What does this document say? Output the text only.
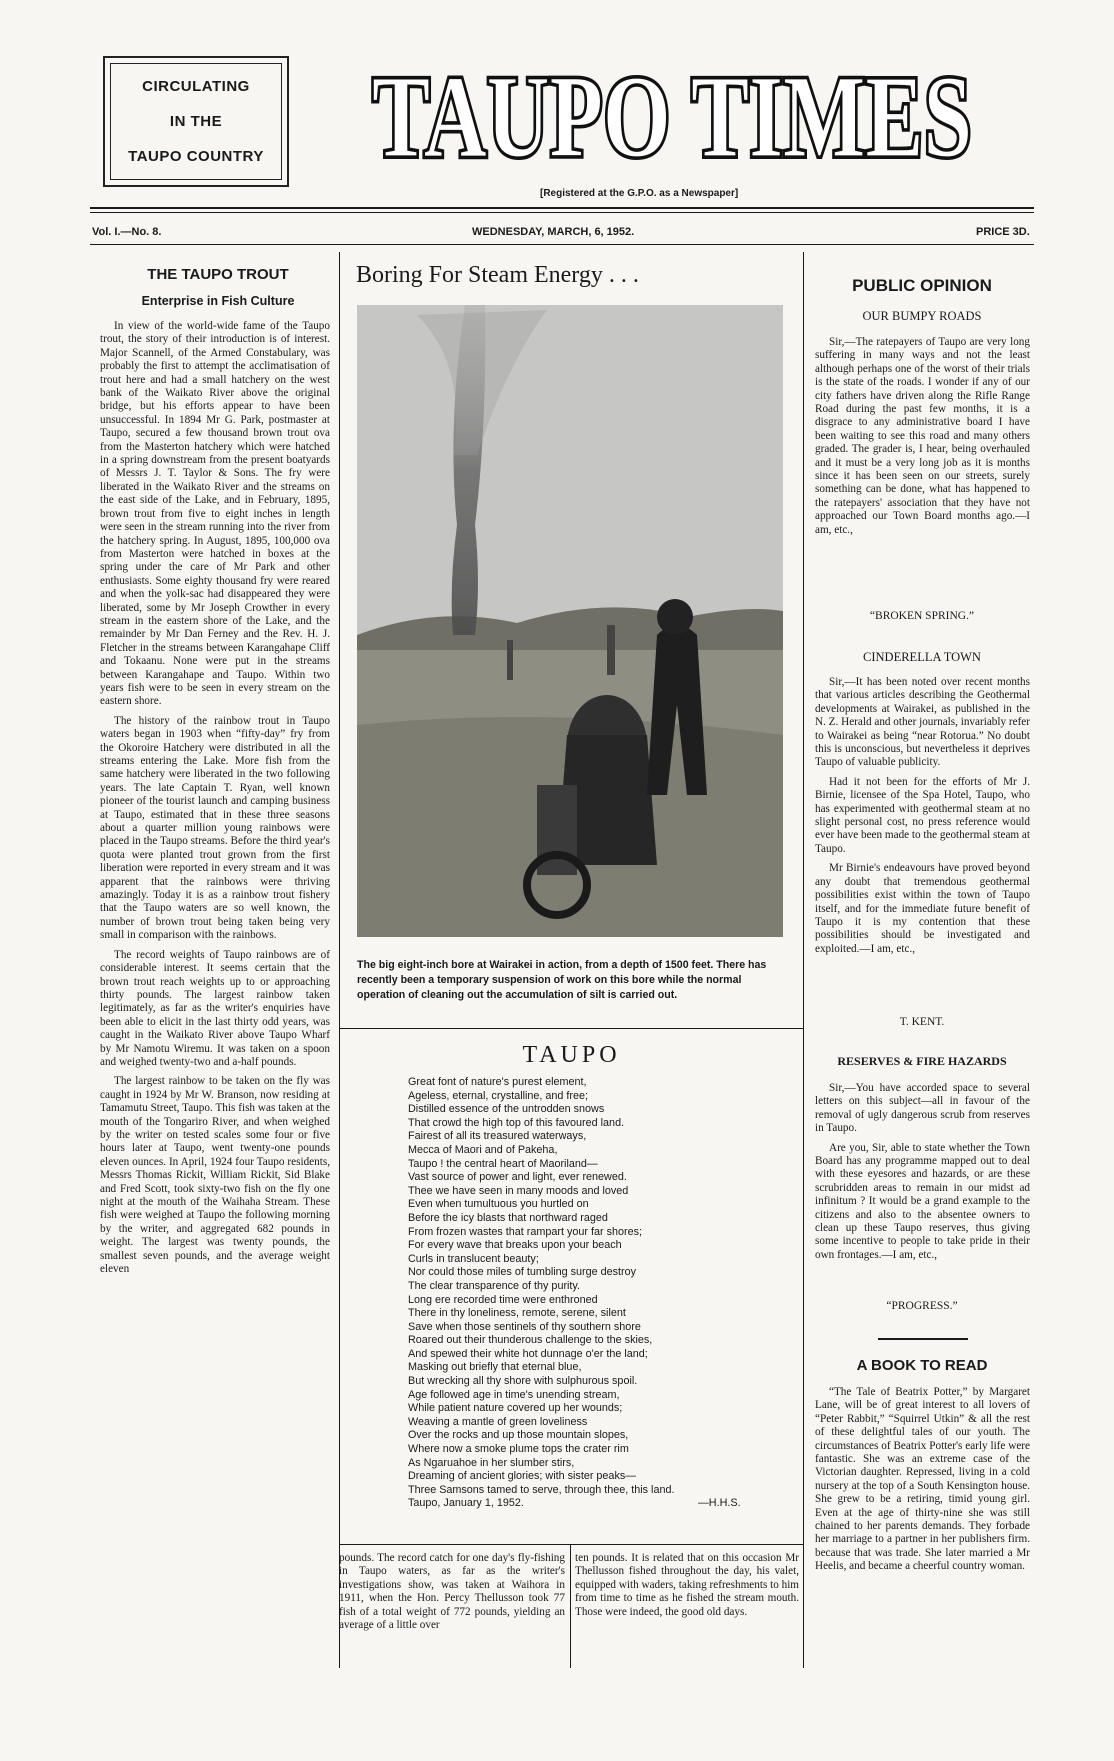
CIRCULATING
IN THE
TAUPO COUNTRY TAUPO TIMES
TAUPO TIMES
[Registered at the G.P.O. as a Newspaper]
Vol. I.—No. 8.	WEDNESDAY, MARCH, 6, 1952.	PRICE 3D.
THE TAUPO TROUT
Enterprise in Fish Culture

In view of the world-wide fame of the Taupo trout, the story of their introduction is of interest. Major Scannell, of the Armed Constabulary, was probably the first to attempt the acclimatisation of trout here and had a small hatchery on the west bank of the Waikato River above the original bridge, but his efforts appear to have been unsuccessful. In 1894 Mr G. Park, postmaster at Taupo, secured a few thousand brown trout ova from the Masterton hatchery which were hatched in a spring downstream from the present boatyards of Messrs J. T. Taylor & Sons. The fry were liberated in the Waikato River and the streams on the east side of the Lake, and in February, 1895, brown trout from five to eight inches in length were seen in the stream running into the river from the hatchery spring. In August, 1895, 100,000 ova from Masterton were hatched in boxes at the spring under the care of Mr Park and other enthusiasts. Some eighty thousand fry were reared and when the yolk-sac had disappeared they were liberated, some by Mr Joseph Crowther in every stream in the eastern shore of the Lake, and the remainder by Mr Dan Ferney and the Rev. H. J. Fletcher in the streams between Karangahape Cliff and Tokaanu. None were put in the streams between Karangahape and Taupo. Within two years fish were to be seen in every stream on the eastern shore.

The history of the rainbow trout in Taupo waters began in 1903 when “fifty-day” fry from the Okoroire Hatchery were distributed in all the streams entering the Lake. More fish from the same hatchery were liberated in the two following years. The late Captain T. Ryan, well known pioneer of the tourist launch and camping business at Taupo, estimated that in these three seasons about a quarter million young rainbows were placed in the Taupo streams. Before the third year's quota were planted trout grown from the first liberation were reported in every stream and it was apparent that the rainbows were thriving amazingly. Today it is as a rainbow trout fishery that the Taupo waters are so well known, the number of brown trout being taken being very small in comparison with the rainbows.

The record weights of Taupo rainbows are of considerable interest. It seems certain that the brown trout reach weights up to or approaching thirty pounds. The largest rainbow taken legitimately, as far as the writer's enquiries have been able to elicit in the last thirty odd years, was caught in the Waikato River above Taupo Wharf by Mr Namotu Wiremu. It was taken on a spoon and weighed twenty-two and a-half pounds.

The largest rainbow to be taken on the fly was caught in 1924 by Mr W. Branson, now residing at Tamamutu Street, Taupo. This fish was taken at the mouth of the Tongariro River, and when weighed by the writer on tested scales some four or five hours later at Taupo, went twenty-one pounds eleven ounces. In April, 1924 four Taupo residents, Messrs Thomas Rickit, William Rickit, Sid Blake and Fred Scott, took sixty-two fish on the fly one night at the mouth of the Waihaha Stream. These fish were weighed at Taupo the following morning by the writer, and aggregated 682 pounds in weight. The largest was twenty pounds, the smallest seven pounds, and the average weight eleven

Boring For Steam Energy . . .
The big eight-inch bore at Wairakei in action, from a depth of 1500 feet. There has recently been a temporary suspension of work on this bore while the normal operation of cleaning out the accumulation of silt is carried out.
TAUPO
Great font of nature's purest element,
Ageless, eternal, crystalline, and free;
Distilled essence of the untrodden snows
That crowd the high top of this favoured land.
Fairest of all its treasured waterways,
Mecca of Maori and of Pakeha,
Taupo ! the central heart of Maoriland—
Vast source of power and light, ever renewed.
Thee we have seen in many moods and loved
Even when tumultuous you hurtled on
Before the icy blasts that northward raged
From frozen wastes that rampart your far shores;
For every wave that breaks upon your beach
Curls in translucent beauty;
Nor could those miles of tumbling surge destroy
The clear transparence of thy purity.
Long ere recorded time were enthroned
There in thy loneliness, remote, serene, silent
Save when those sentinels of thy southern shore
Roared out their thunderous challenge to the skies,
And spewed their white hot dunnage o'er the land;
Masking out briefly that eternal blue,
But wrecking all thy shore with sulphurous spoil.
Age followed age in time's unending stream,
While patient nature covered up her wounds;
Weaving a mantle of green loveliness
Over the rocks and up those mountain slopes,
Where now a smoke plume tops the crater rim
As Ngaruahoe in her slumber stirs,
Dreaming of ancient glories; with sister peaks—
Three Samsons tamed to serve, through thee, this land.
Taupo, January 1, 1952.	—H.H.S.
pounds. The record catch for one day's fly-fishing in Taupo waters, as far as the writer's investigations show, was taken at Waihora in 1911, when the Hon. Percy Thellusson took 77 fish of a total weight of 772 pounds, yielding an average of a little over
ten pounds. It is related that on this occasion Mr Thellusson fished throughout the day, his valet, equipped with waders, taking refreshments to him from time to time as he fished the stream mouth. Those were indeed, the good old days.
PUBLIC OPINION
OUR BUMPY ROADS

Sir,—The ratepayers of Taupo are very long suffering in many ways and not the least although perhaps one of the worst of their trials is the state of the roads. I wonder if any of our city fathers have driven along the Rifle Range Road during the past few months, it is a disgrace to any administrative board I have been waiting to see this road and many others graded. The grader is, I hear, being overhauled and it must be a very long job as it is months since it has been seen on our streets, surely something can be done, what has happened to the ratepayers' association that they have not approached our Town Board months ago.—I am, etc.,

“BROKEN SPRING.”
CINDERELLA TOWN

Sir,—It has been noted over recent months that various articles describing the Geothermal developments at Wairakei, as published in the N. Z. Herald and other journals, invariably refer to Wairakei as being “near Rotorua.” No doubt this is unconscious, but nevertheless it deprives Taupo of valuable publicity.

Had it not been for the efforts of Mr J. Birnie, licensee of the Spa Hotel, Taupo, who has experimented with geothermal steam at no slight personal cost, no press reference would ever have been made to the geothermal steam at Taupo.

Mr Birnie's endeavours have proved beyond any doubt that tremendous geothermal possibilities exist within the town of Taupo itself, and for the immediate future benefit of Taupo it is my contention that these possibilities should be investigated and exploited.—I am, etc.,

T. KENT.
RESERVES & FIRE HAZARDS

Sir,—You have accorded space to several letters on this subject—all in favour of the removal of ugly dangerous scrub from reserves in Taupo.

Are you, Sir, able to state whether the Town Board has any programme mapped out to deal with these eyesores and hazards, or are these scrubridden areas to remain in our midst ad infinitum ? It would be a grand example to the citizens and also to the absentee owners to clean up these Taupo reserves, thus giving some incentive to people to take pride in their own frontages.—I am, etc.,

“PROGRESS.”
A BOOK TO READ

“The Tale of Beatrix Potter,” by Margaret Lane, will be of great interest to all lovers of “Peter Rabbit,” “Squirrel Utkin” & all the rest of these delightful tales of our youth. The circumstances of Beatrix Potter's early life were fantastic. She was an extreme case of the Victorian daughter. Repressed, living in a cold nursery at the top of a South Kensington house. She grew to be a retiring, timid young girl. Even at the age of thirty-nine she was still chained to her parents demands. They forbade her marriage to a partner in her publishers firm. because that was trade. She later married a Mr Heelis, and became a cheerful country woman.
